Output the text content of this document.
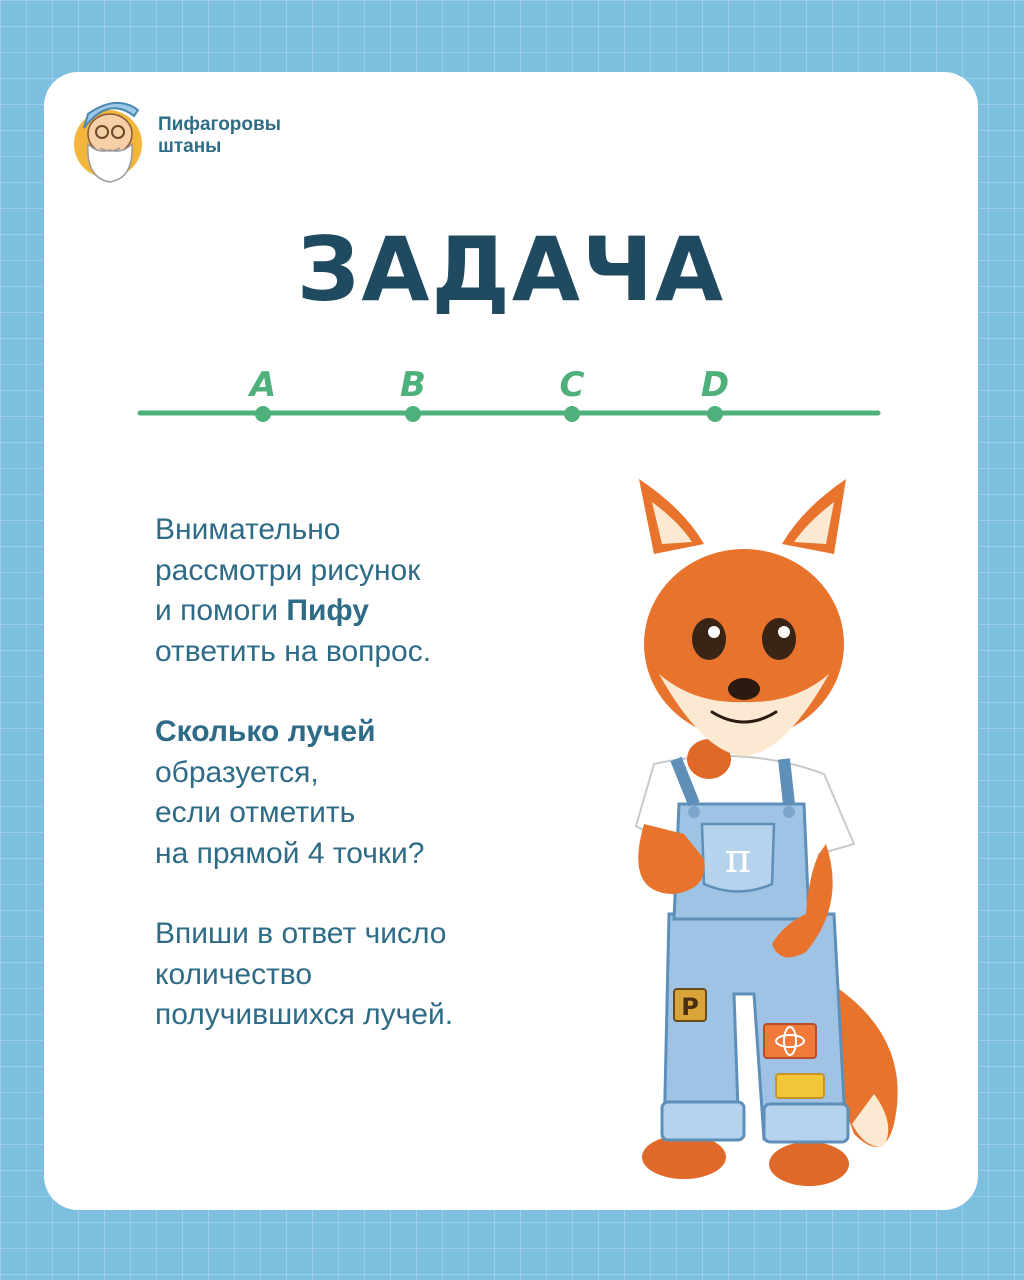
Пифагоровы
штаны
ЗАДАЧА
A	B	C	D

Внимательно
рассмотри рисунок
и помоги Пифу
ответить на вопрос.

Сколько лучей
образуется,
если отметить
на прямой 4 точки?

Впиши в ответ число
количество
получившихся лучей.	P
π
